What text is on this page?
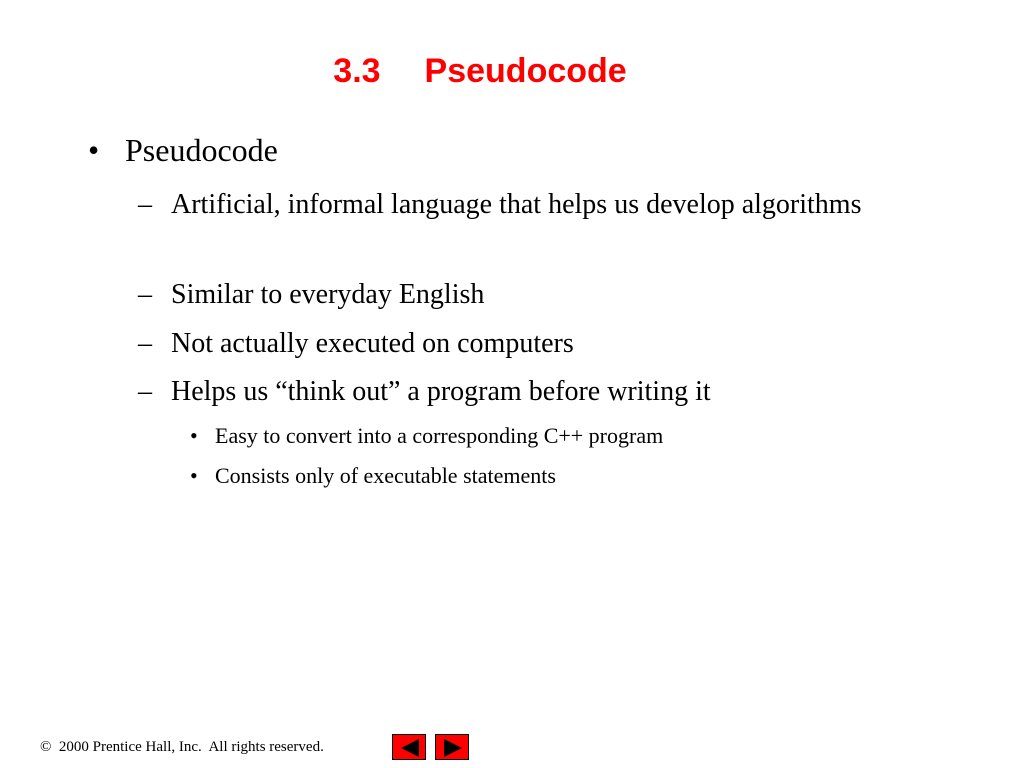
3.3 Pseudocode
• Pseudocode
– Artificial, informal language that helps us develop algorithms
– Similar to everyday English
– Not actually executed on computers
– Helps us “think out” a program before writing it
• Easy to convert into a corresponding C++ program
• Consists only of executable statements
©  2000 Prentice Hall, Inc.  All rights reserved.
